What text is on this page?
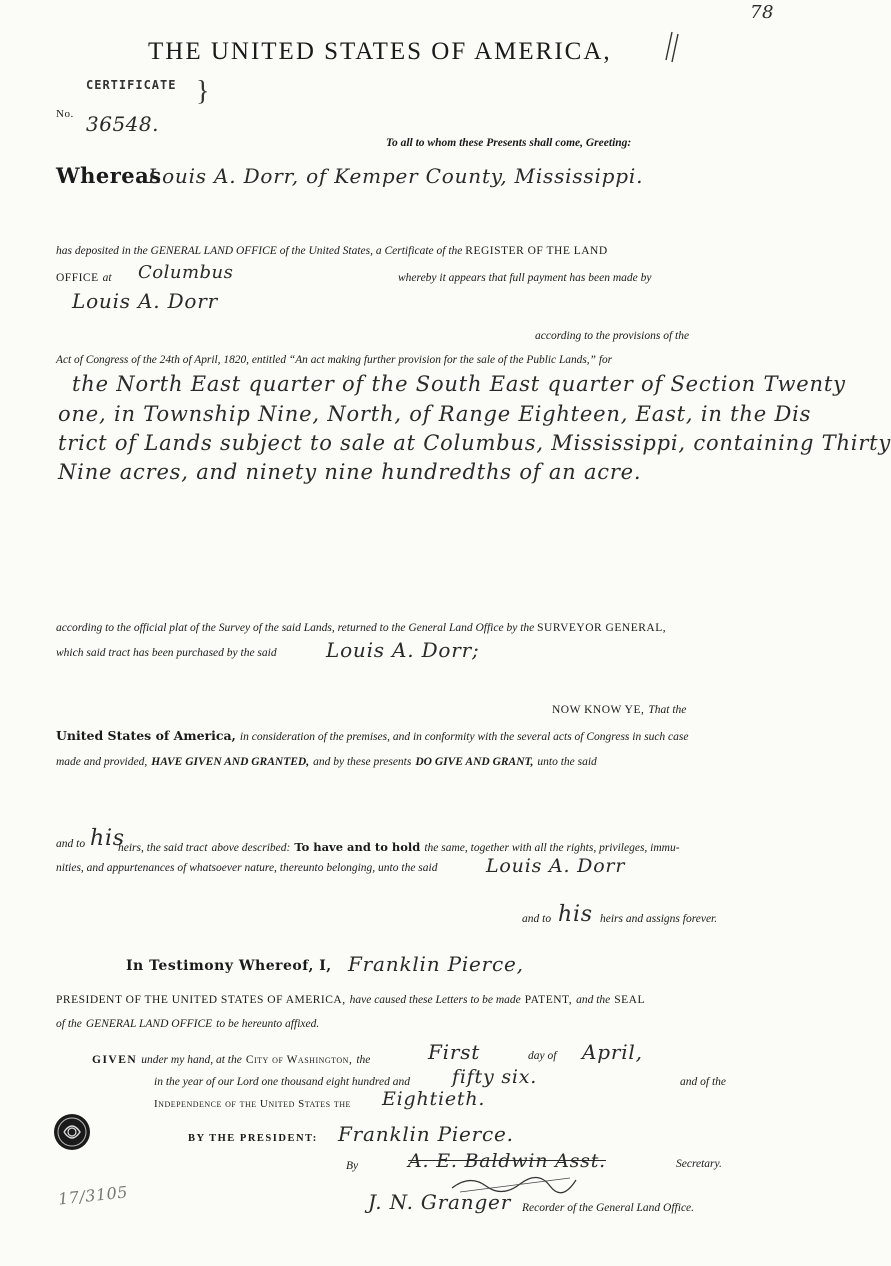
78
THE UNITED STATES OF AMERICA,
CERTIFICATE }
No. 36548.
To all to whom these Presents shall come, Greeting:
Whereas
Louis A. Dorr, of Kemper County, Mississippi.
has deposited in the GENERAL LAND OFFICE of the United States, a Certificate of the REGISTER OF THE LAND
OFFICE at Columbus	whereby it appears that full payment has been made by
Louis A. Dorr
according to the provisions of the
Act of Congress of the 24th of April, 1820, entitled “An act making further provision for the sale of the Public Lands,” for
the North East quarter of the South East quarter of Section Twenty
one, in Township Nine, North, of Range Eighteen, East, in the Dis
trict of Lands subject to sale at Columbus, Mississippi, containing Thirty
Nine acres, and ninety nine hundredths of an acre.
according to the official plat of the Survey of the said Lands, returned to the General Land Office by the SURVEYOR GENERAL,
which said tract has been purchased by the said Louis A. Dorr;
NOW KNOW YE, That the
United States of America, in consideration of the premises, and in conformity with the several acts of Congress in such case
made and provided, HAVE GIVEN AND GRANTED, and by these presents DO GIVE AND GRANT, unto the said
and to his
heirs, the said tract above described: To have and to hold the same, together with all the rights, privileges, immu-
nities, and appurtenances of whatsoever nature, thereunto belonging, unto the said	Louis A. Dorr
and to his heirs and assigns forever.
In Testimony Whereof, I, Franklin Pierce,
PRESIDENT OF THE UNITED STATES OF AMERICA, have caused these Letters to be made PATENT, and the SEAL
of the GENERAL LAND OFFICE to be hereunto affixed.
GIVEN under my hand, at the City of Washington, the	First	day of April,
in the year of our Lord one thousand eight hundred and fifty six.	and of the
Independence of the United States the Eightieth.
BY THE PRESIDENT: Franklin Pierce.
By	A. E. Baldwin Asst.	Secretary.
J. N. Granger Recorder of the General Land Office.
17/3105
